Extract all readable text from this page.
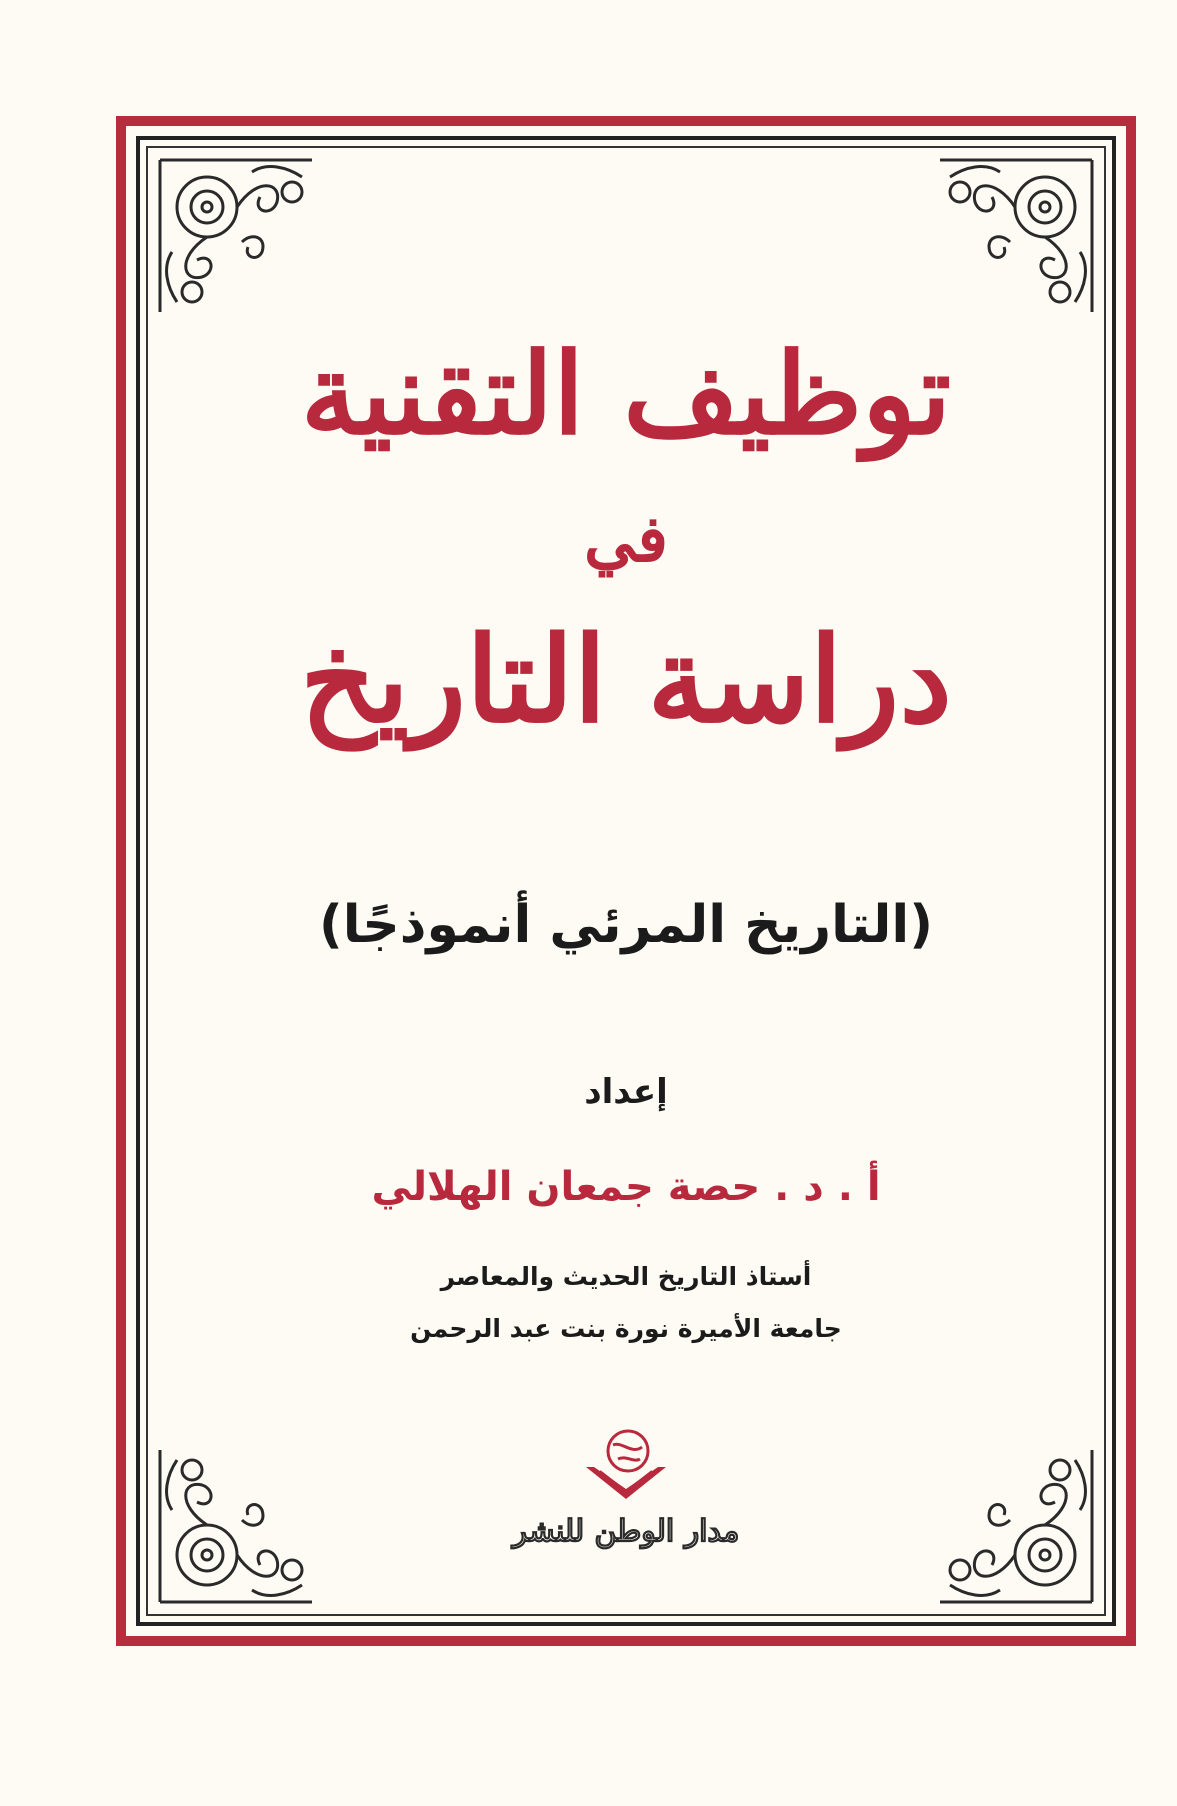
توظيف التقنية
في
دراسة التاريخ
(التاريخ المرئي أنموذجًا)
إعداد
أ . د . حصة جمعان الهلالي
أستاذ التاريخ الحديث والمعاصر
جامعة الأميرة نورة بنت عبد الرحمن
مدار الوطن للنشر
